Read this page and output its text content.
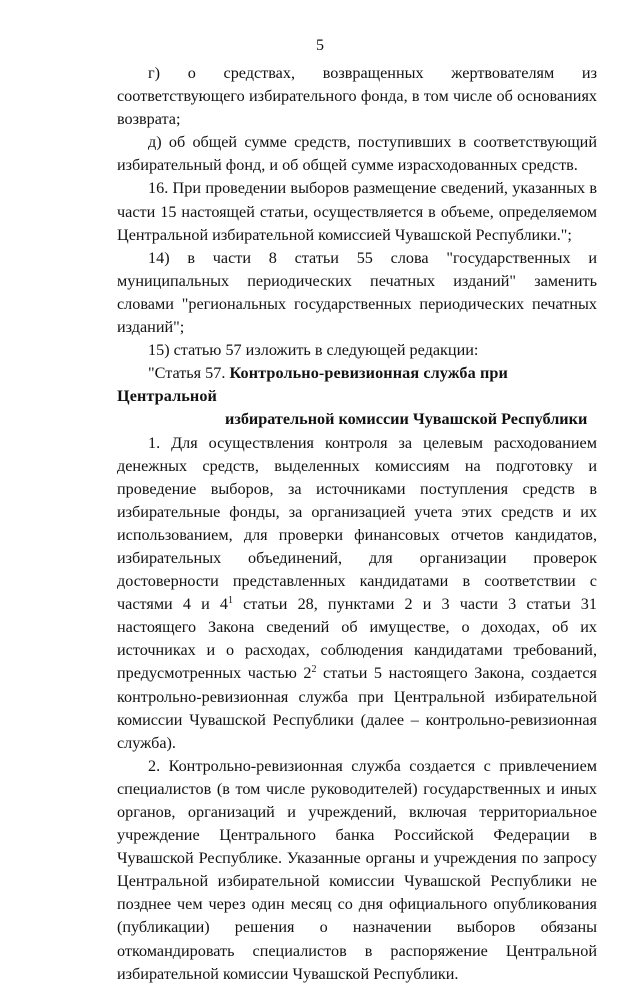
5

г) о средствах, возвращенных жертвователям из соответствующего избирательного фонда, в том числе об основаниях возврата;

д) об общей сумме средств, поступивших в соответствующий избирательный фонд, и об общей сумме израсходованных средств.

16. При проведении выборов размещение сведений, указанных в части 15 настоящей статьи, осуществляется в объеме, определяемом Центральной избирательной комиссией Чувашской Республики.";

14) в части 8 статьи 55 слова "государственных и муниципальных периодических печатных изданий" заменить словами "региональных государственных периодических печатных изданий";

15) статью 57 изложить в следующей редакции:

"Статья 57. Контрольно-ревизионная служба при Центральной
избирательной комиссии Чувашской Республики

1. Для осуществления контроля за целевым расходованием денежных средств, выделенных комиссиям на подготовку и проведение выборов, за источниками поступления средств в избирательные фонды, за организацией учета этих средств и их использованием, для проверки финансовых отчетов кандидатов, избирательных объединений, для организации проверок достоверности представленных кандидатами в соответствии с частями 4 и $4^1$ статьи 28, пунктами 2 и 3 части 3 статьи 31 настоящего Закона сведений об имуществе, о доходах, об их источниках и о расходах, соблюдения кандидатами требований, предусмотренных частью $2^2$ статьи 5 настоящего Закона, создается контрольно-ревизионная служба при Центральной избирательной комиссии Чувашской Республики (далее – контрольно-ревизионная служба).

2. Контрольно-ревизионная служба создается с привлечением специалистов (в том числе руководителей) государственных и иных органов, организаций и учреждений, включая территориальное учреждение Центрального банка Российской Федерации в Чувашской Республике. Указанные органы и учреждения по запросу Центральной избирательной комиссии Чувашской Республики не позднее чем через один месяц со дня официального опубликования (публикации) решения о назначении выборов обязаны откомандировать специалистов в распоряжение Центральной избирательной комиссии Чувашской Республики.
